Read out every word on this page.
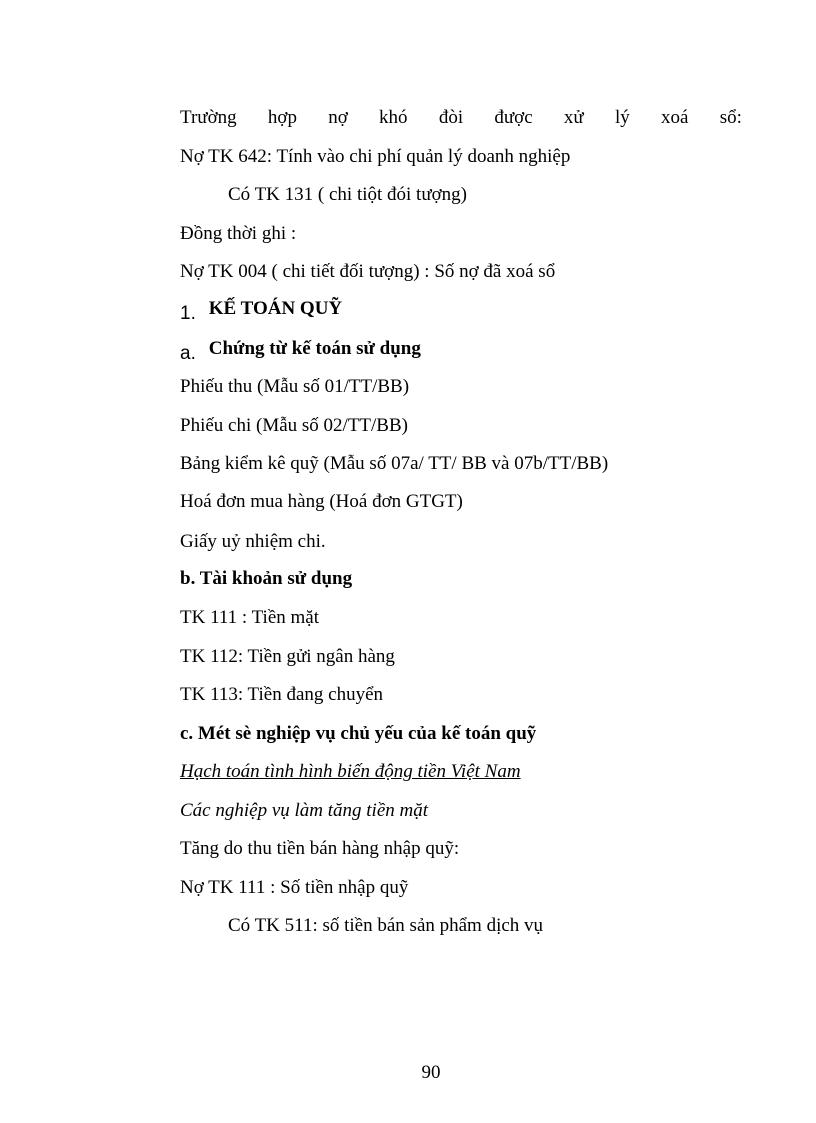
Trường hợp nợ khó đòi được xử lý xoá sổ:
Nợ TK 642: Tính vào chi phí quản lý doanh nghiệp
Có TK 131 ( chi tiột đói tượng)
Đồng thời ghi :
Nợ TK 004 ( chi tiết đối tượng) : Số nợ đã xoá sổ
1. KẾ TOÁN QUỸ
a. Chứng từ kế toán sử dụng
Phiếu thu (Mẫu số 01/TT/BB)
Phiếu chi (Mẫu số 02/TT/BB)
Bảng kiểm kê quỹ (Mẫu số 07a/ TT/ BB và 07b/TT/BB)
Hoá đơn mua hàng (Hoá đơn GTGT)
Giấy uỷ nhiệm chi.
b. Tài khoản sử dụng
TK 111 : Tiền mặt
TK 112: Tiền gửi ngân hàng
TK 113: Tiền đang chuyển
c. Mét sè nghiệp vụ chủ yếu của kế toán quỹ
Hạch toán tình hình biến động tiền Việt Nam
Các nghiệp vụ làm tăng tiền mặt
Tăng do thu tiền bán hàng nhập quỹ:
Nợ TK 111 : Số tiền nhập quỹ
Có TK 511: số tiền bán sản phẩm dịch vụ
90
